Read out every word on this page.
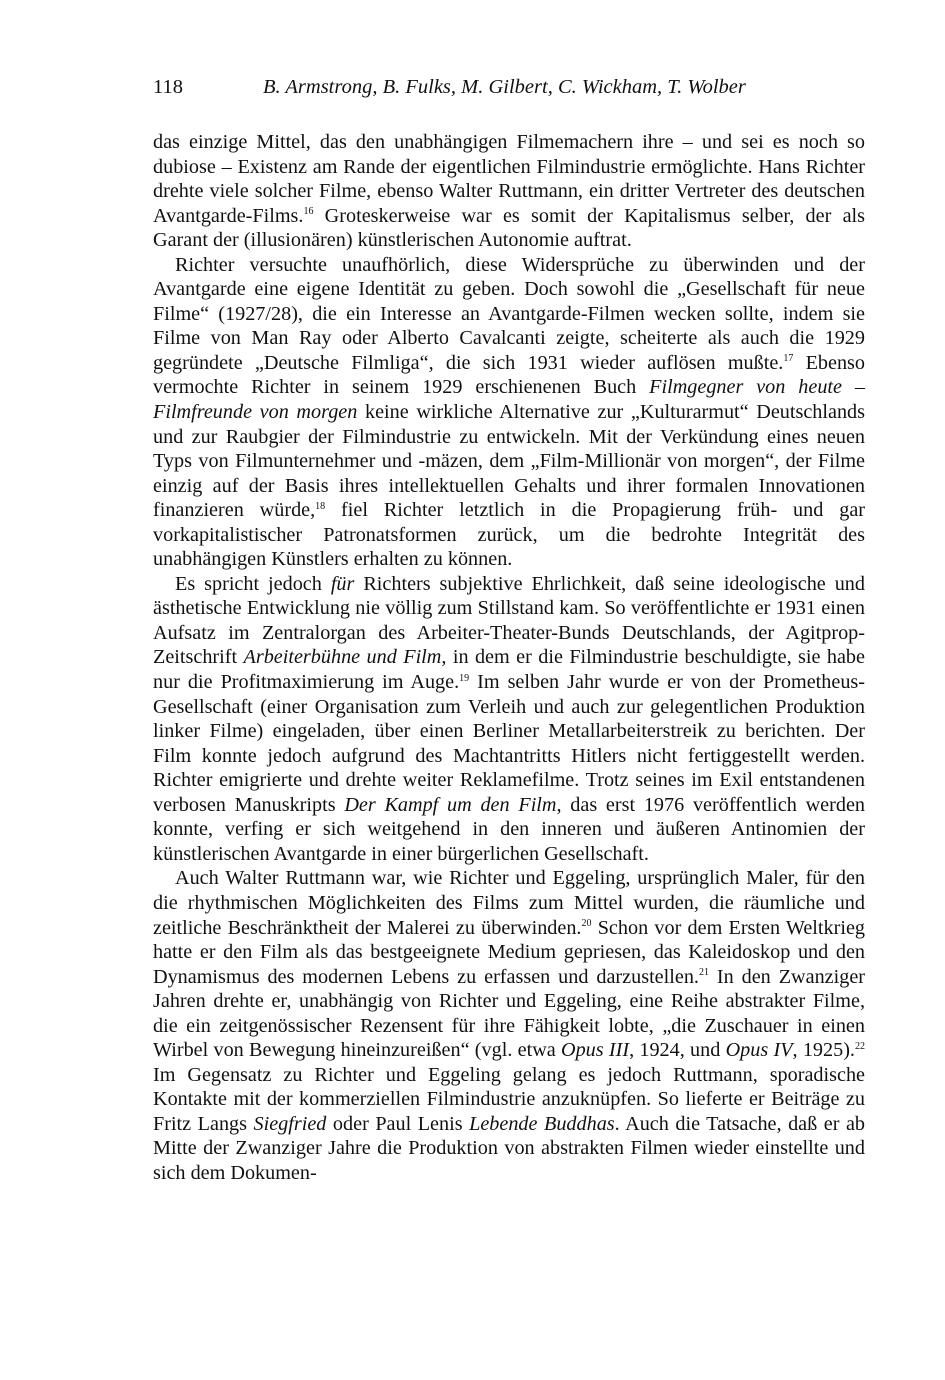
118	B. Armstrong, B. Fulks, M. Gilbert, C. Wickham, T. Wolber

das einzige Mittel, das den unabhängigen Filmemachern ihre – und sei es noch so dubiose – Existenz am Rande der eigentlichen Filmindustrie ermöglichte. Hans Richter drehte viele solcher Filme, ebenso Walter Ruttmann, ein dritter Vertreter des deutschen Avantgarde-Films.$^{16}$ Groteskerweise war es somit der Kapitalismus selber, der als Garant der (illusionären) künstlerischen Autonomie auftrat.

Richter versuchte unaufhörlich, diese Widersprüche zu überwinden und der Avantgarde eine eigene Identität zu geben. Doch sowohl die „Gesellschaft für neue Filme“ (1927/28), die ein Interesse an Avantgarde-Filmen wecken sollte, indem sie Filme von Man Ray oder Alberto Cavalcanti zeigte, scheiterte als auch die 1929 gegründete „Deutsche Filmliga“, die sich 1931 wieder auflösen mußte.$^{17}$ Ebenso vermochte Richter in seinem 1929 erschienenen Buch Filmgegner von heute – Filmfreunde von morgen keine wirkliche Alternative zur „Kulturarmut“ Deutschlands und zur Raubgier der Filmindustrie zu entwickeln. Mit der Verkündung eines neuen Typs von Filmunternehmer und -mäzen, dem „Film-Millionär von morgen“, der Filme einzig auf der Basis ihres intellektuellen Gehalts und ihrer formalen Innovationen finanzieren würde,$^{18}$ fiel Richter letztlich in die Propagierung früh- und gar vorkapitalistischer Patronatsformen zurück, um die bedrohte Integrität des unabhängigen Künstlers erhalten zu können.

Es spricht jedoch für Richters subjektive Ehrlichkeit, daß seine ideologische und ästhetische Entwicklung nie völlig zum Stillstand kam. So veröffentlichte er 1931 einen Aufsatz im Zentralorgan des Arbeiter-Theater-Bunds Deutschlands, der Agitprop-Zeitschrift Arbeiterbühne und Film, in dem er die Filmindustrie beschuldigte, sie habe nur die Profitmaximierung im Auge.$^{19}$ Im selben Jahr wurde er von der Prometheus-Gesellschaft (einer Organisation zum Verleih und auch zur gelegentlichen Produktion linker Filme) eingeladen, über einen Berliner Metallarbeiterstreik zu berichten. Der Film konnte jedoch aufgrund des Machtantritts Hitlers nicht fertiggestellt werden. Richter emigrierte und drehte weiter Reklamefilme. Trotz seines im Exil entstandenen verbosen Manuskripts Der Kampf um den Film, das erst 1976 veröffentlich werden konnte, verfing er sich weitgehend in den inneren und äußeren Antinomien der künstlerischen Avantgarde in einer bürgerlichen Gesellschaft.

Auch Walter Ruttmann war, wie Richter und Eggeling, ursprünglich Maler, für den die rhythmischen Möglichkeiten des Films zum Mittel wurden, die räumliche und zeitliche Beschränktheit der Malerei zu überwinden.$^{20}$ Schon vor dem Ersten Weltkrieg hatte er den Film als das bestgeeignete Medium gepriesen, das Kaleidoskop und den Dynamismus des modernen Lebens zu erfassen und darzustellen.$^{21}$ In den Zwanziger Jahren drehte er, unabhängig von Richter und Eggeling, eine Reihe abstrakter Filme, die ein zeitgenössischer Rezensent für ihre Fähigkeit lobte, „die Zuschauer in einen Wirbel von Bewegung hineinzureißen“ (vgl. etwa Opus III, 1924, und Opus IV, 1925).$^{22}$ Im Gegensatz zu Richter und Eggeling gelang es jedoch Ruttmann, sporadische Kontakte mit der kommerziellen Filmindustrie anzuknüpfen. So lieferte er Beiträge zu Fritz Langs Siegfried oder Paul Lenis Lebende Buddhas. Auch die Tatsache, daß er ab Mitte der Zwanziger Jahre die Produktion von abstrakten Filmen wieder einstellte und sich dem Dokumen-
